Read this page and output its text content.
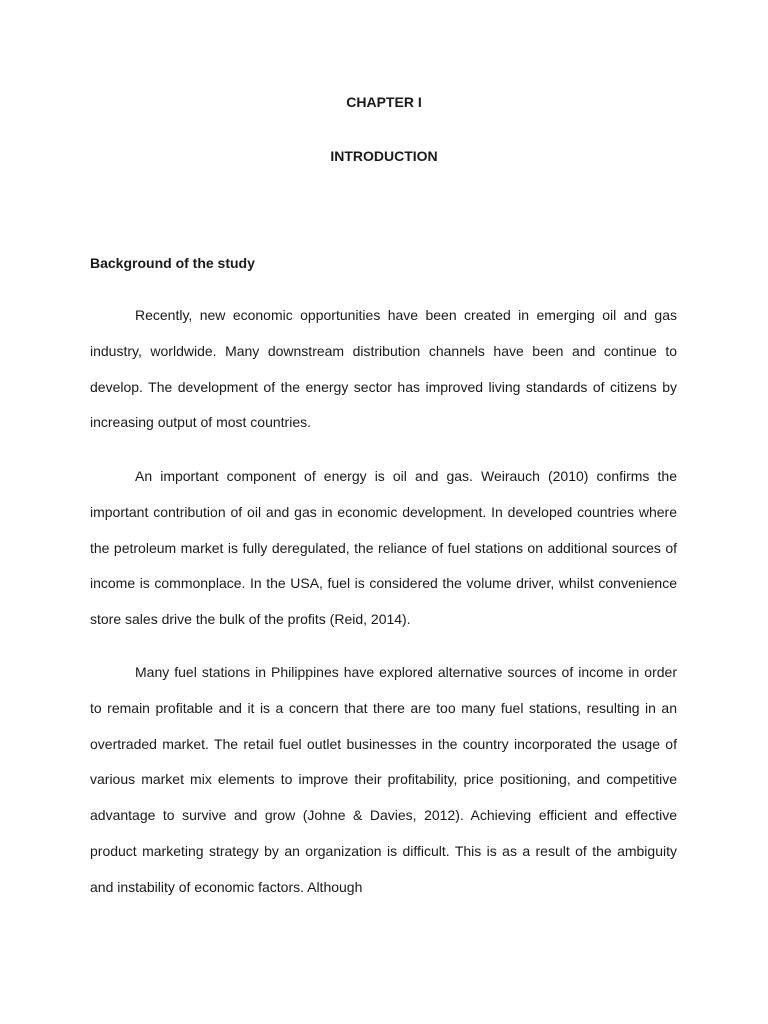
CHAPTER I
INTRODUCTION
Background of the study

Recently, new economic opportunities have been created in emerging oil and gas industry, worldwide. Many downstream distribution channels have been and continue to develop. The development of the energy sector has improved living standards of citizens by increasing output of most countries.

An important component of energy is oil and gas. Weirauch (2010) confirms the important contribution of oil and gas in economic development. In developed countries where the petroleum market is fully deregulated, the reliance of fuel stations on additional sources of income is commonplace. In the USA, fuel is considered the volume driver, whilst convenience store sales drive the bulk of the profits (Reid, 2014).

Many fuel stations in Philippines have explored alternative sources of income in order to remain profitable and it is a concern that there are too many fuel stations, resulting in an overtraded market. The retail fuel outlet businesses in the country incorporated the usage of various market mix elements to improve their profitability, price positioning, and competitive advantage to survive and grow (Johne & Davies, 2012). Achieving efficient and effective product marketing strategy by an organization is difficult. This is as a result of the ambiguity and instability of economic factors. Although
